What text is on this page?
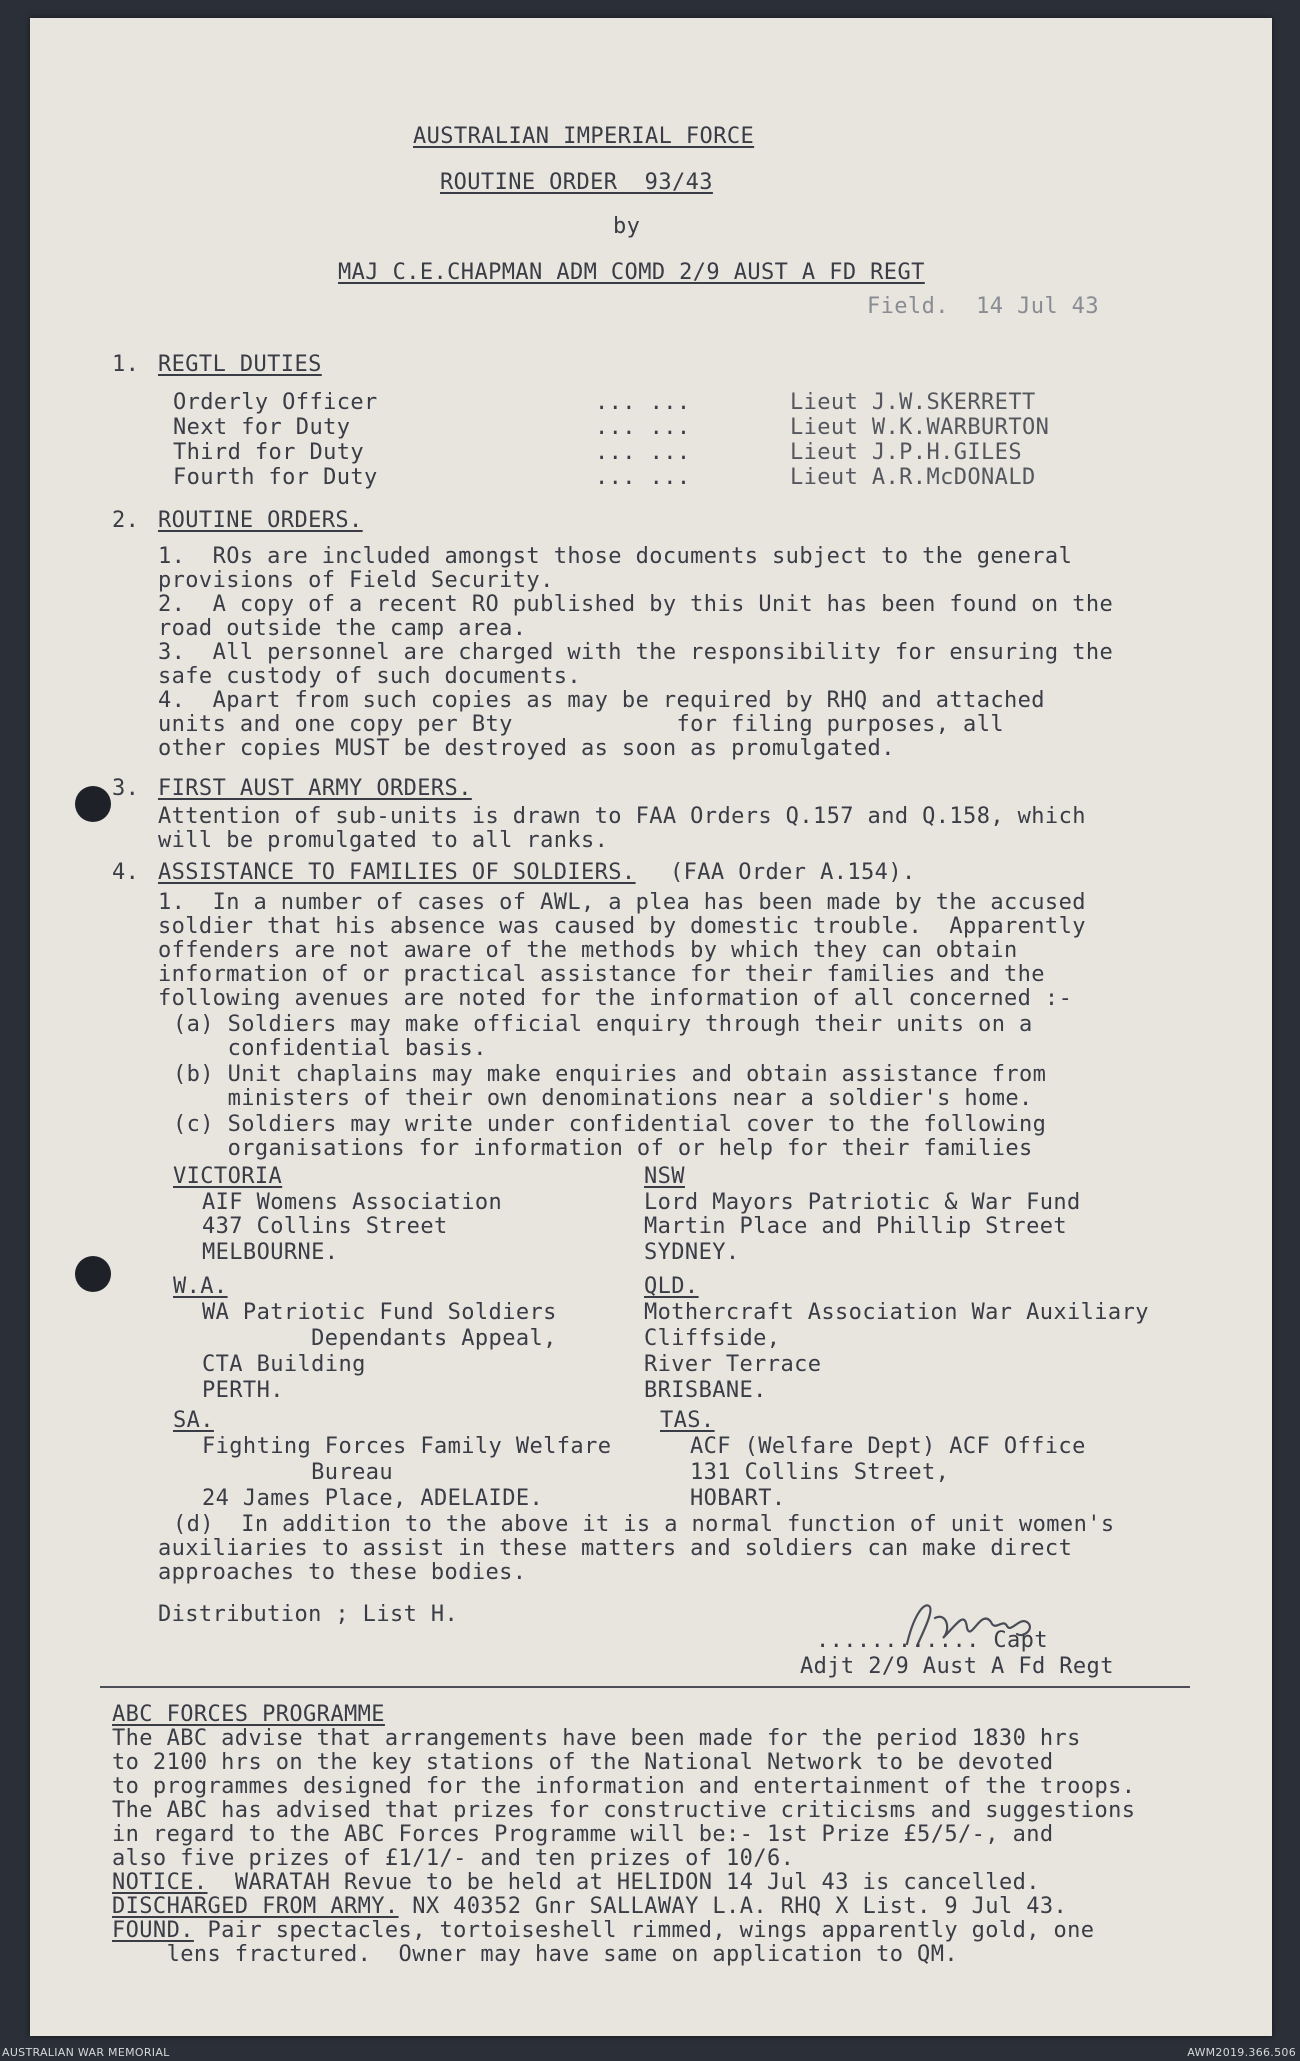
AUSTRALIAN IMPERIAL FORCE
ROUTINE ORDER  93/43
by
MAJ C.E.CHAPMAN ADM COMD 2/9 AUST A FD REGT
Field.  14 Jul 43
1. REGTL DUTIES
Orderly Officer	... ...	Lieut J.W.SKERRETT
Next for Duty	... ...	Lieut W.K.WARBURTON
Third for Duty	... ...	Lieut J.P.H.GILES
Fourth for Duty	... ...	Lieut A.R.McDONALD
2. ROUTINE ORDERS.
1.  ROs are included amongst those documents subject to the general
provisions of Field Security.
2.  A copy of a recent RO published by this Unit has been found on the
road outside the camp area.
3.  All personnel are charged with the responsibility for ensuring the
safe custody of such documents.
4.  Apart from such copies as may be required by RHQ and attached
units and one copy per Bty            for filing purposes, all
other copies MUST be destroyed as soon as promulgated.
3. FIRST AUST ARMY ORDERS.
Attention of sub-units is drawn to FAA Orders Q.157 and Q.158, which
will be promulgated to all ranks.
4. ASSISTANCE TO FAMILIES OF SOLDIERS. (FAA Order A.154).
1.  In a number of cases of AWL, a plea has been made by the accused
soldier that his absence was caused by domestic trouble.  Apparently
offenders are not aware of the methods by which they can obtain
information of or practical assistance for their families and the
following avenues are noted for the information of all concerned :-
(a) Soldiers may make official enquiry through their units on a
confidential basis.
(b) Unit chaplains may make enquiries and obtain assistance from
ministers of their own denominations near a soldier's home.
(c) Soldiers may write under confidential cover to the following
organisations for information of or help for their families
VICTORIA
AIF Womens Association
437 Collins Street
MELBOURNE.
NSW
Lord Mayors Patriotic & War Fund
Martin Place and Phillip Street
SYDNEY.
W.A.
WA Patriotic Fund Soldiers
Dependants Appeal,
CTA Building
PERTH.
QLD.
Mothercraft Association War Auxiliary
Cliffside,
River Terrace
BRISBANE.
SA.
Fighting Forces Family Welfare
Bureau
24 James Place, ADELAIDE.
TAS.
ACF (Welfare Dept) ACF Office
131 Collins Street,
HOBART.
(d)  In addition to the above it is a normal function of unit women's
auxiliaries to assist in these matters and soldiers can make direct
approaches to these bodies.
Distribution ; List H.
............ Capt
Adjt 2/9 Aust A Fd Regt
ABC FORCES PROGRAMME
The ABC advise that arrangements have been made for the period 1830 hrs
to 2100 hrs on the key stations of the National Network to be devoted
to programmes designed for the information and entertainment of the troops.
The ABC has advised that prizes for constructive criticisms and suggestions
in regard to the ABC Forces Programme will be:- 1st Prize £5/5/-, and
also five prizes of £1/1/- and ten prizes of 10/6.
NOTICE.  WARATAH Revue to be held at HELIDON 14 Jul 43 is cancelled.
DISCHARGED FROM ARMY. NX 40352 Gnr SALLAWAY L.A. RHQ X List. 9 Jul 43.
FOUND. Pair spectacles, tortoiseshell rimmed, wings apparently gold, one
lens fractured.  Owner may have same on application to QM.
AUSTRALIAN WAR MEMORIAL	AWM2019.366.506
